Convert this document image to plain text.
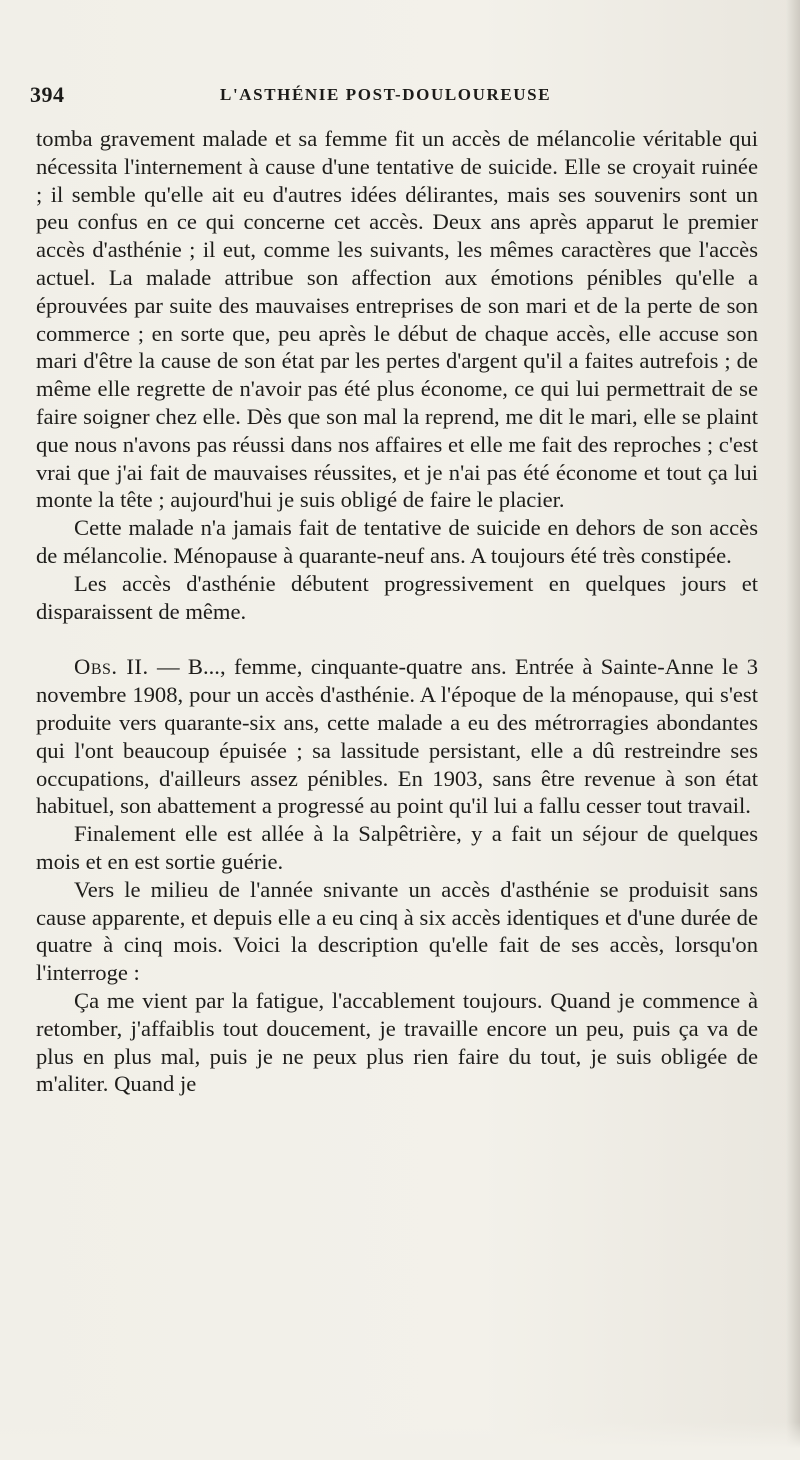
394	L'ASTHÉNIE POST-DOULOUREUSE

tomba gravement malade et sa femme fit un accès de mélancolie véritable qui nécessita l'internement à cause d'une tentative de suicide. Elle se croyait ruinée ; il semble qu'elle ait eu d'autres idées délirantes, mais ses souvenirs sont un peu confus en ce qui concerne cet accès. Deux ans après apparut le premier accès d'asthénie ; il eut, comme les suivants, les mêmes caractères que l'accès actuel. La malade attribue son affection aux émotions pénibles qu'elle a éprouvées par suite des mauvaises entreprises de son mari et de la perte de son commerce ; en sorte que, peu après le début de chaque accès, elle accuse son mari d'être la cause de son état par les pertes d'argent qu'il a faites autrefois ; de même elle regrette de n'avoir pas été plus économe, ce qui lui permettrait de se faire soigner chez elle. Dès que son mal la reprend, me dit le mari, elle se plaint que nous n'avons pas réussi dans nos affaires et elle me fait des reproches ; c'est vrai que j'ai fait de mauvaises réussites, et je n'ai pas été économe et tout ça lui monte la tête ; aujourd'hui je suis obligé de faire le placier.

Cette malade n'a jamais fait de tentative de suicide en dehors de son accès de mélancolie. Ménopause à quarante-neuf ans. A toujours été très constipée.

Les accès d'asthénie débutent progressivement en quelques jours et disparaissent de même.

Obs. II. — B..., femme, cinquante-quatre ans. Entrée à Sainte-Anne le 3 novembre 1908, pour un accès d'asthénie. A l'époque de la ménopause, qui s'est produite vers quarante-six ans, cette malade a eu des métrorragies abondantes qui l'ont beaucoup épuisée ; sa lassitude persistant, elle a dû restreindre ses occupations, d'ailleurs assez pénibles. En 1903, sans être revenue à son état habituel, son abattement a progressé au point qu'il lui a fallu cesser tout travail.

Finalement elle est allée à la Salpêtrière, y a fait un séjour de quelques mois et en est sortie guérie.

Vers le milieu de l'année snivante un accès d'asthénie se produisit sans cause apparente, et depuis elle a eu cinq à six accès identiques et d'une durée de quatre à cinq mois. Voici la description qu'elle fait de ses accès, lorsqu'on l'interroge :

Ça me vient par la fatigue, l'accablement toujours. Quand je commence à retomber, j'affaiblis tout doucement, je travaille encore un peu, puis ça va de plus en plus mal, puis je ne peux plus rien faire du tout, je suis obligée de m'aliter. Quand je
